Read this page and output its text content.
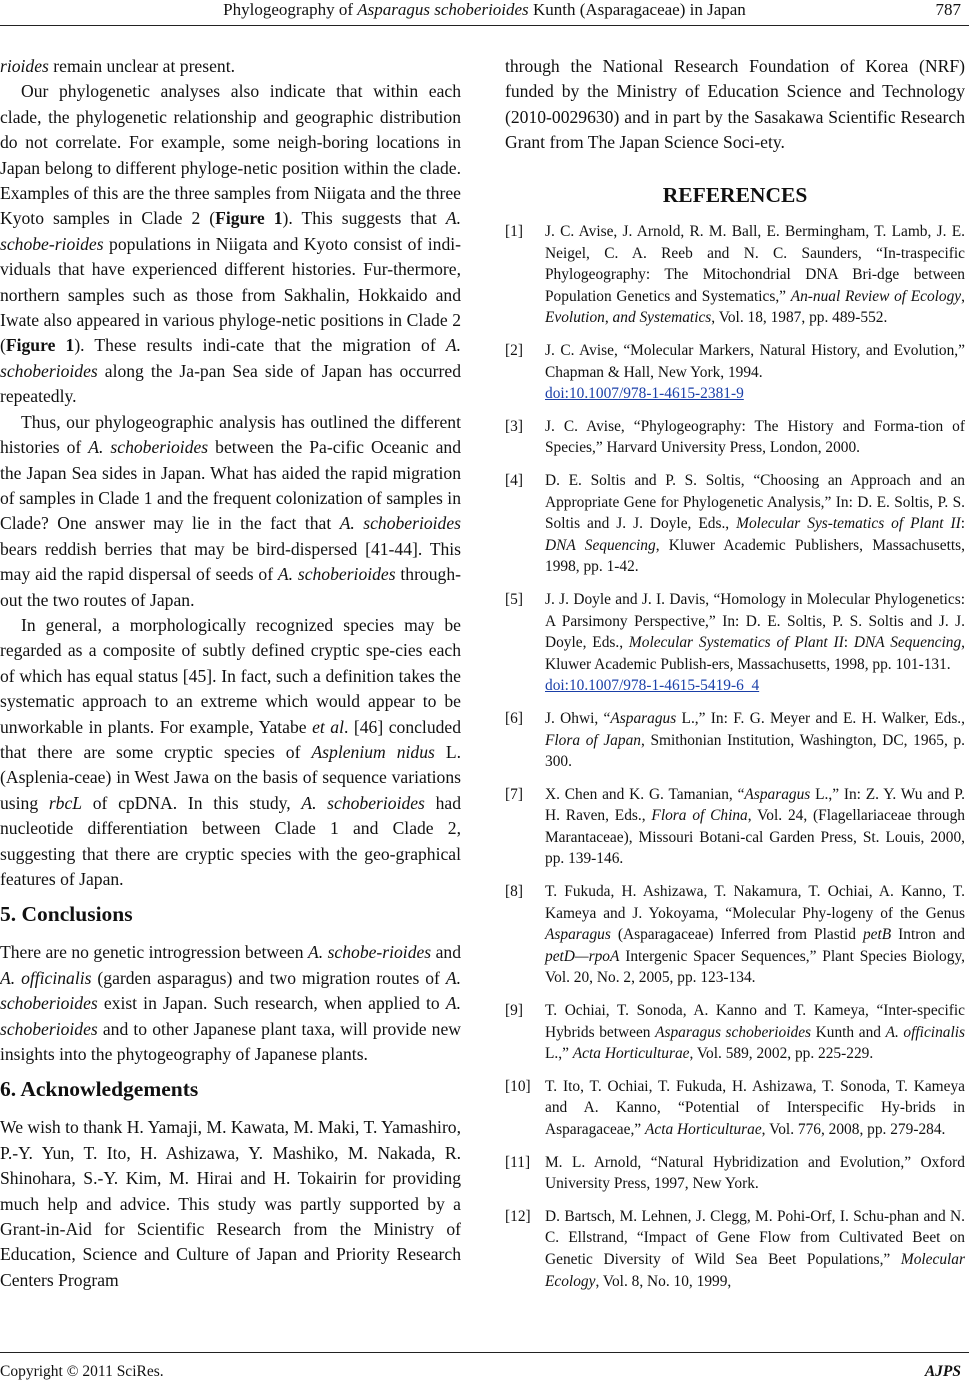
Phylogeography of Asparagus schoberioides Kunth (Asparagaceae) in Japan	787

rioides remain unclear at present.

Our phylogenetic analyses also indicate that within each clade, the phylogenetic relationship and geographic distribution do not correlate. For example, some neigh-boring locations in Japan belong to different phyloge-netic position within the clade. Examples of this are the three samples from Niigata and the three Kyoto samples in Clade 2 (Figure 1). This suggests that A. schobe-rioides populations in Niigata and Kyoto consist of indi-viduals that have experienced different histories. Fur-thermore, northern samples such as those from Sakhalin, Hokkaido and Iwate also appeared in various phyloge-netic positions in Clade 2 (Figure 1). These results indi-cate that the migration of A. schoberioides along the Ja-pan Sea side of Japan has occurred repeatedly.

Thus, our phylogeographic analysis has outlined the different histories of A. schoberioides between the Pa-cific Oceanic and the Japan Sea sides in Japan. What has aided the rapid migration of samples in Clade 1 and the frequent colonization of samples in Clade? One answer may lie in the fact that A. schoberioides bears reddish berries that may be bird-dispersed [41-44]. This may aid the rapid dispersal of seeds of A. schoberioides through-out the two routes of Japan.

In general, a morphologically recognized species may be regarded as a composite of subtly defined cryptic spe-cies each of which has equal status [45]. In fact, such a definition takes the systematic approach to an extreme which would appear to be unworkable in plants. For example, Yatabe et al. [46] concluded that there are some cryptic species of Asplenium nidus L. (Asplenia-ceae) in West Jawa on the basis of sequence variations using rbcL of cpDNA. In this study, A. schoberioides had nucleotide differentiation between Clade 1 and Clade 2, suggesting that there are cryptic species with the geo-graphical features of Japan.

5. Conclusions

There are no genetic introgression between A. schobe-rioides and A. officinalis (garden asparagus) and two migration routes of A. schoberioides exist in Japan. Such research, when applied to A. schoberioides and to other Japanese plant taxa, will provide new insights into the phytogeography of Japanese plants.

6. Acknowledgements

We wish to thank H. Yamaji, M. Kawata, M. Maki, T. Yamashiro, P.-Y. Yun, T. Ito, H. Ashizawa, Y. Mashiko, M. Nakada, R. Shinohara, S.-Y. Kim, M. Hirai and H. Tokairin for providing much help and advice. This study was partly supported by a Grant-in-Aid for Scientific Research from the Ministry of Education, Science and Culture of Japan and Priority Research Centers Program

through the National Research Foundation of Korea (NRF) funded by the Ministry of Education Science and Technology (2010-0029630) and in part by the Sasakawa Scientific Research Grant from The Japan Science Soci-ety.

REFERENCES
[1]	J. C. Avise, J. Arnold, R. M. Ball, E. Bermingham, T. Lamb, J. E. Neigel, C. A. Reeb and N. C. Saunders, “In-traspecific Phylogeography: The Mitochondrial DNA Bri-dge between Population Genetics and Systematics,” An-nual Review of Ecology, Evolution, and Systematics, Vol. 18, 1987, pp. 489-552.
[2]	J. C. Avise, “Molecular Markers, Natural History, and Evolution,” Chapman & Hall, New York, 1994.
doi:10.1007/978-1-4615-2381-9
[3]	J. C. Avise, “Phylogeography: The History and Forma-tion of Species,” Harvard University Press, London, 2000.
[4]	D. E. Soltis and P. S. Soltis, “Choosing an Approach and an Appropriate Gene for Phylogenetic Analysis,” In: D. E. Soltis, P. S. Soltis and J. J. Doyle, Eds., Molecular Sys-tematics of Plant II: DNA Sequencing, Kluwer Academic Publishers, Massachusetts, 1998, pp. 1-42.
[5]	J. J. Doyle and J. I. Davis, “Homology in Molecular Phylogenetics: A Parsimony Perspective,” In: D. E. Soltis, P. S. Soltis and J. J. Doyle, Eds., Molecular Systematics of Plant II: DNA Sequencing, Kluwer Academic Publish-ers, Massachusetts, 1998, pp. 101-131.
doi:10.1007/978-1-4615-5419-6_4
[6]	J. Ohwi, “Asparagus L.,” In: F. G. Meyer and E. H. Walker, Eds., Flora of Japan, Smithonian Institution, Washington, DC, 1965, p. 300.
[7]	X. Chen and K. G. Tamanian, “Asparagus L.,” In: Z. Y. Wu and P. H. Raven, Eds., Flora of China, Vol. 24, (Flagellariaceae through Marantaceae), Missouri Botani-cal Garden Press, St. Louis, 2000, pp. 139-146.
[8]	T. Fukuda, H. Ashizawa, T. Nakamura, T. Ochiai, A. Kanno, T. Kameya and J. Yokoyama, “Molecular Phy-logeny of the Genus Asparagus (Asparagaceae) Inferred from Plastid petB Intron and petD—rpoA Intergenic Spacer Sequences,” Plant Species Biology, Vol. 20, No. 2, 2005, pp. 123-134.
[9]	T. Ochiai, T. Sonoda, A. Kanno and T. Kameya, “Inter-specific Hybrids between Asparagus schoberioides Kunth and A. officinalis L.,” Acta Horticulturae, Vol. 589, 2002, pp. 225-229.
[10] T. Ito, T. Ochiai, T. Fukuda, H. Ashizawa, T. Sonoda, T. Kameya and A. Kanno, “Potential of Interspecific Hy-brids in Asparagaceae,” Acta Horticulturae, Vol. 776, 2008, pp. 279-284.
[11] M. L. Arnold, “Natural Hybridization and Evolution,” Oxford University Press, 1997, New York.
[12] D. Bartsch, M. Lehnen, J. Clegg, M. Pohi-Orf, I. Schu-phan and N. C. Ellstrand, “Impact of Gene Flow from Cultivated Beet on Genetic Diversity of Wild Sea Beet Populations,” Molecular Ecology, Vol. 8, No. 10, 1999,
Copyright © 2011 SciRes.	AJPS
